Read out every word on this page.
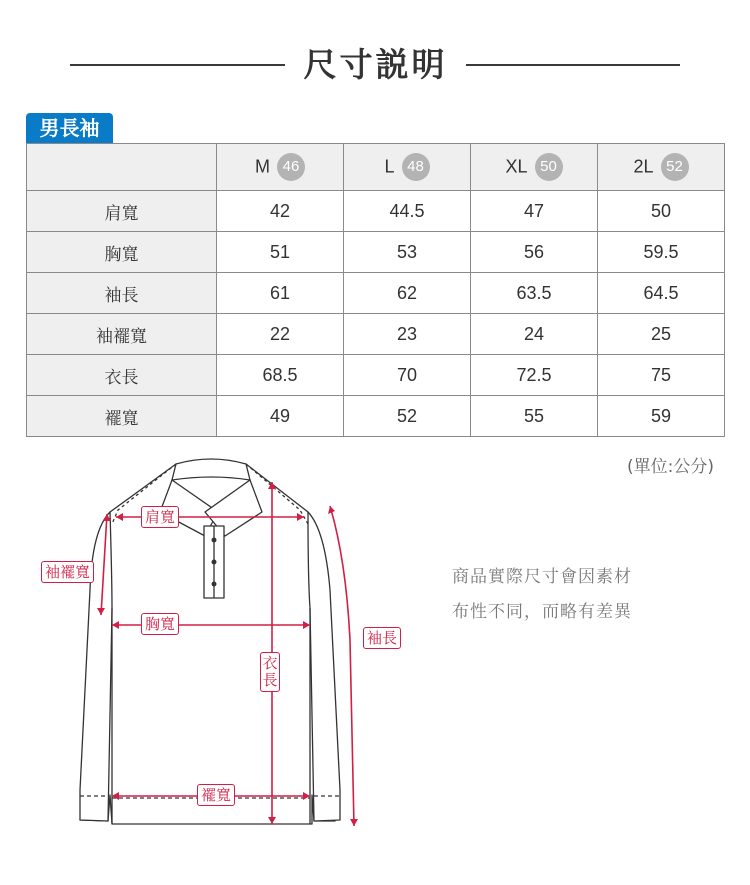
尺寸説明
男長袖
	M 46	L 48	XL 50	2L 52
肩寬	42	44.5	47	50
胸寬	51	53	56	59.5
袖長	61	62	63.5	64.5
袖襬寬	22	23	24	25
衣長	68.5	70	72.5	75
襬寬	49	52	55	59
(單位:公分)
肩寬
袖襬寬
胸寬
袖長
衣長
襬寬
商品實際尺寸會因素材
布性不同，而略有差異
